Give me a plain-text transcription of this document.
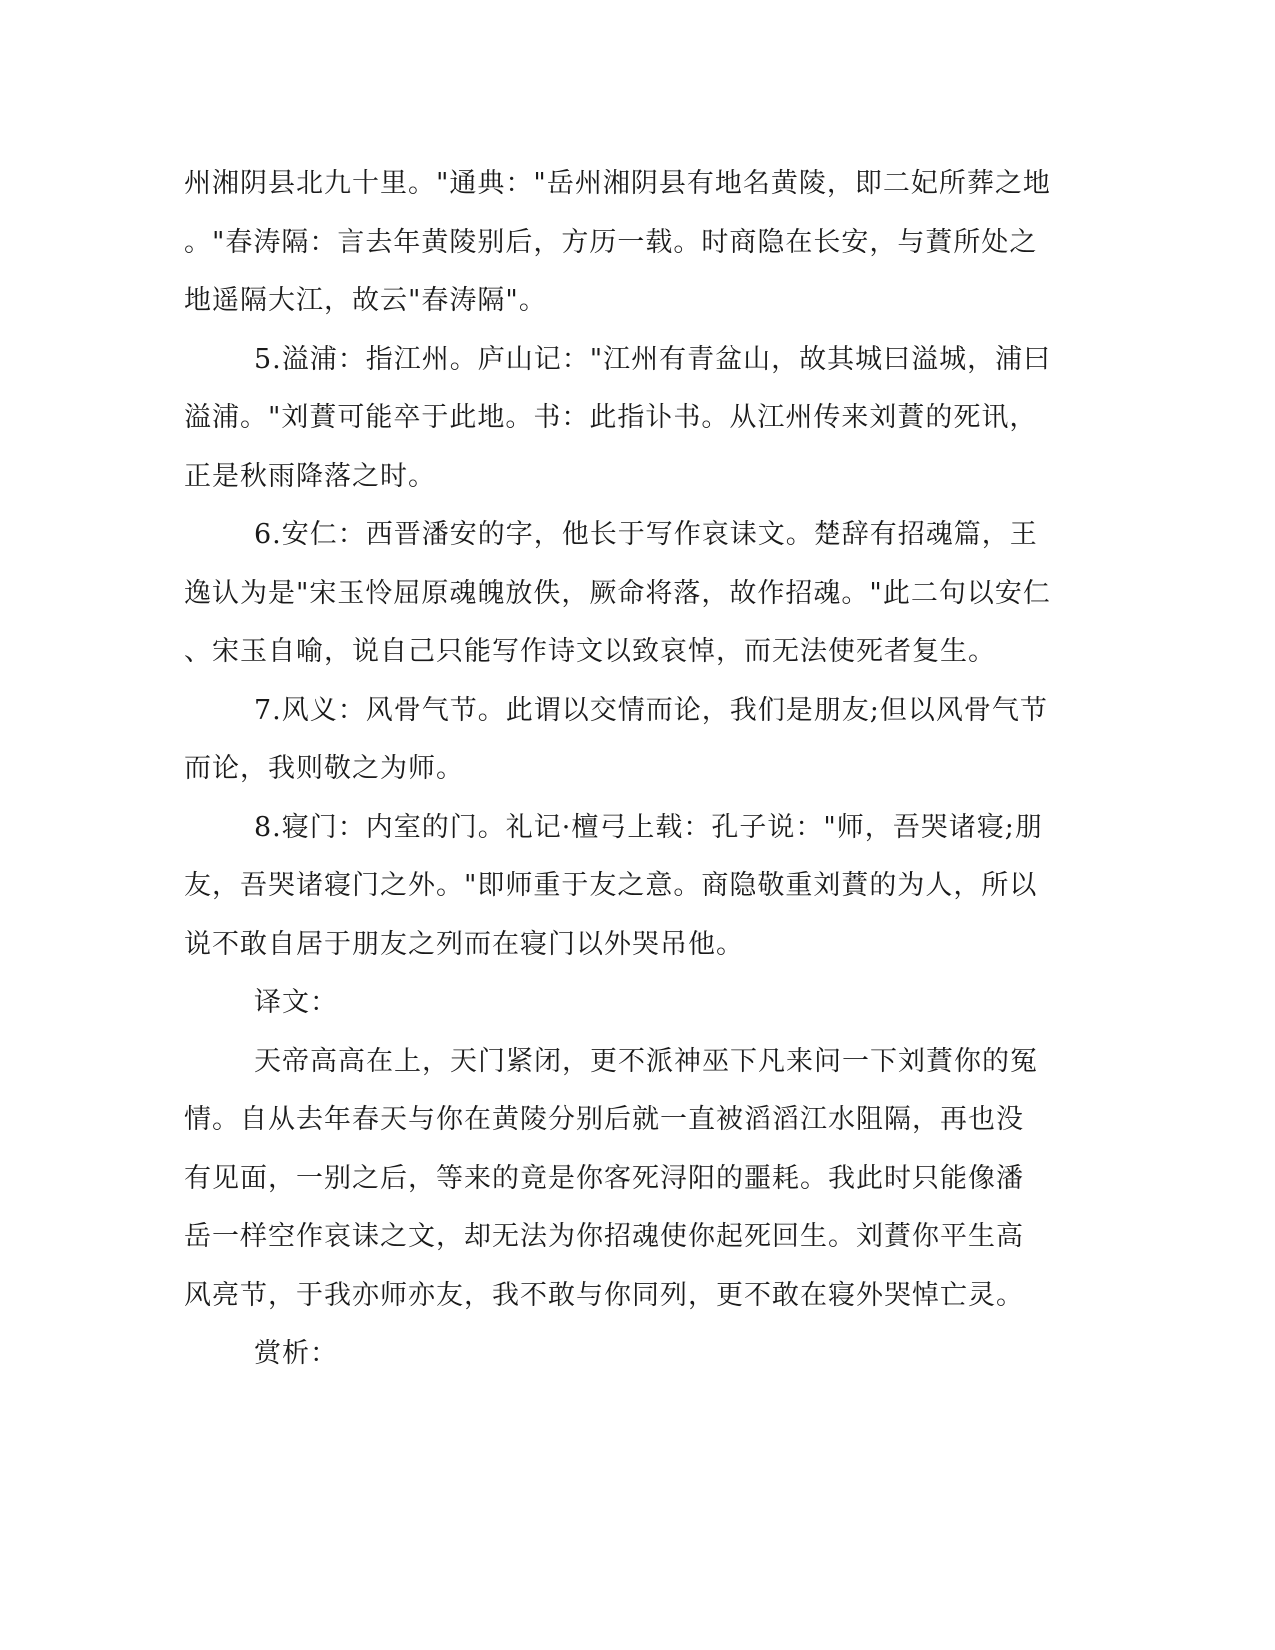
州湘阴县北九十里。"通典："岳州湘阴县有地名黄陵，即二妃所葬之地
。"春涛隔：言去年黄陵别后，方历一载。时商隐在长安，与蕡所处之
地遥隔大江，故云"春涛隔"。
5.溢浦：指江州。庐山记："江州有青盆山，故其城曰溢城，浦曰
溢浦。"刘蕡可能卒于此地。书：此指讣书。从江州传来刘蕡的死讯，
正是秋雨降落之时。
6.安仁：西晋潘安的字，他长于写作哀诔文。楚辞有招魂篇，王
逸认为是"宋玉怜屈原魂魄放佚，厥命将落，故作招魂。"此二句以安仁
、宋玉自喻，说自己只能写作诗文以致哀悼，而无法使死者复生。
7.风义：风骨气节。此谓以交情而论，我们是朋友;但以风骨气节
而论，我则敬之为师。
8.寝门：内室的门。礼记·檀弓上载：孔子说："师，吾哭诸寝;朋
友，吾哭诸寝门之外。"即师重于友之意。商隐敬重刘蕡的为人，所以
说不敢自居于朋友之列而在寝门以外哭吊他。
译文：
天帝高高在上，天门紧闭，更不派神巫下凡来问一下刘蕡你的冤
情。自从去年春天与你在黄陵分别后就一直被滔滔江水阻隔，再也没
有见面，一别之后，等来的竟是你客死浔阳的噩耗。我此时只能像潘
岳一样空作哀诔之文，却无法为你招魂使你起死回生。刘蕡你平生高
风亮节，于我亦师亦友，我不敢与你同列，更不敢在寝外哭悼亡灵。
赏析：
